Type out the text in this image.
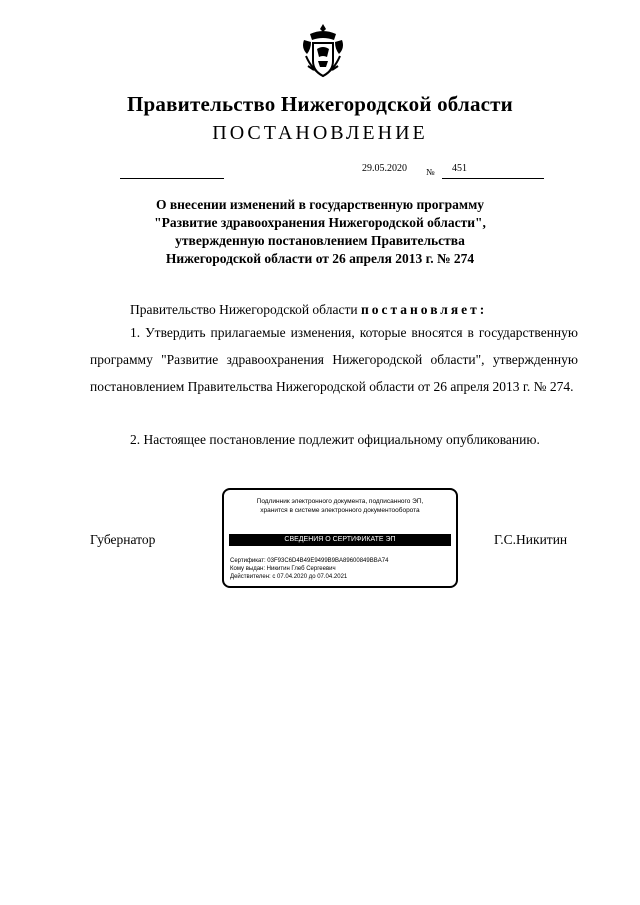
Правительство Нижегородской области
ПОСТАНОВЛЕНИЕ
29.05.2020 № 451
О внесении изменений в государственную программу
"Развитие здравоохранения Нижегородской области",
утвержденную постановлением Правительства
Нижегородской области от 26 апреля 2013 г. № 274
Правительство Нижегородской области постановляет:
1. Утвердить прилагаемые изменения, которые вносятся в государственную программу "Развитие здравоохранения Нижегородской области", утвержденную постановлением Правительства Нижегородской области от 26 апреля 2013 г. № 274.
2. Настоящее постановление подлежит официальному опубликованию.
Губернатор	Г.С.Никитин
Подлинник электронного документа, подписанного ЭП,
хранится в системе электронного документооборота
СВЕДЕНИЯ О СЕРТИФИКАТЕ ЭП
Сертификат: 03F93C6D4B49E9499B9BA89600849BBA74
Кому выдан: Никитин Глеб Сергеевич
Действителен: с 07.04.2020 до 07.04.2021
